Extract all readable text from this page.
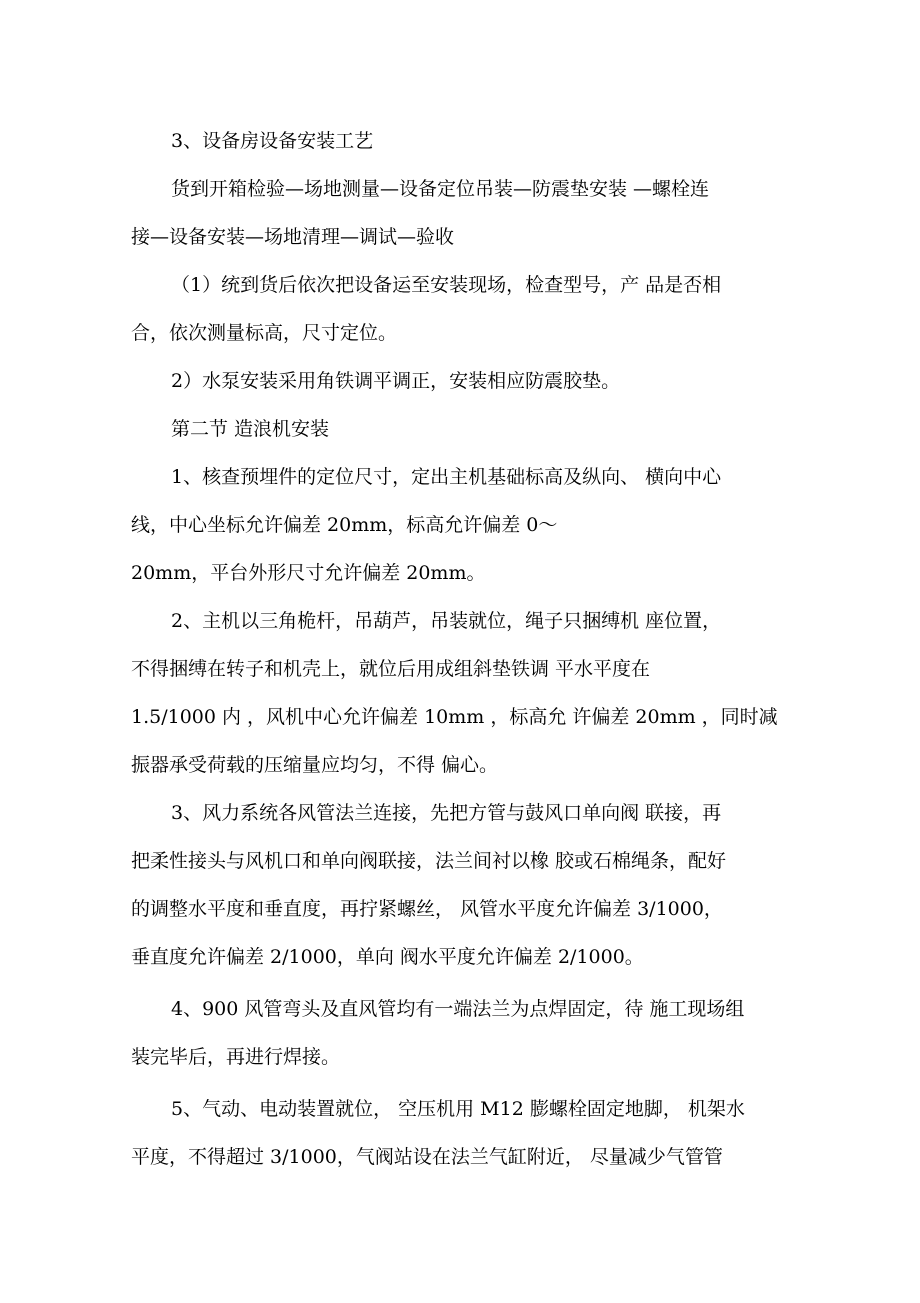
3、设备房设备安装工艺
货到开箱检验—场地测量—设备定位吊装—防震垫安装 —螺栓连
接—设备安装—场地清理—调试—验收
（1）统到货后依次把设备运至安装现场，检查型号，产 品是否相
合，依次测量标高，尺寸定位。
2）水泵安装采用角铁调平调正，安装相应防震胶垫。
第二节 造浪机安装
1、核查预埋件的定位尺寸，定出主机基础标高及纵向、 横向中心
线，中心坐标允许偏差 20mm，标高允许偏差 0～
20mm，平台外形尺寸允许偏差 20mm。
2、主机以三角桅杆，吊葫芦，吊装就位，绳子只捆缚机 座位置，
不得捆缚在转子和机壳上，就位后用成组斜垫铁调 平水平度在
1.5/1000 内 ，风机中心允许偏差 10mm ，标高允 许偏差 20mm ，同时减
振器承受荷载的压缩量应均匀，不得 偏心。
3、风力系统各风管法兰连接，先把方管与鼓风口单向阀 联接，再
把柔性接头与风机口和单向阀联接，法兰间衬以橡 胶或石棉绳条，配好
的调整水平度和垂直度，再拧紧螺丝， 风管水平度允许偏差 3/1000，
垂直度允许偏差 2/1000，单向 阀水平度允许偏差 2/1000。
4、900 风管弯头及直风管均有一端法兰为点焊固定，待 施工现场组
装完毕后，再进行焊接。
5、气动、电动装置就位， 空压机用 M12 膨螺栓固定地脚， 机架水
平度，不得超过 3/1000，气阀站设在法兰气缸附近， 尽量减少气管管
